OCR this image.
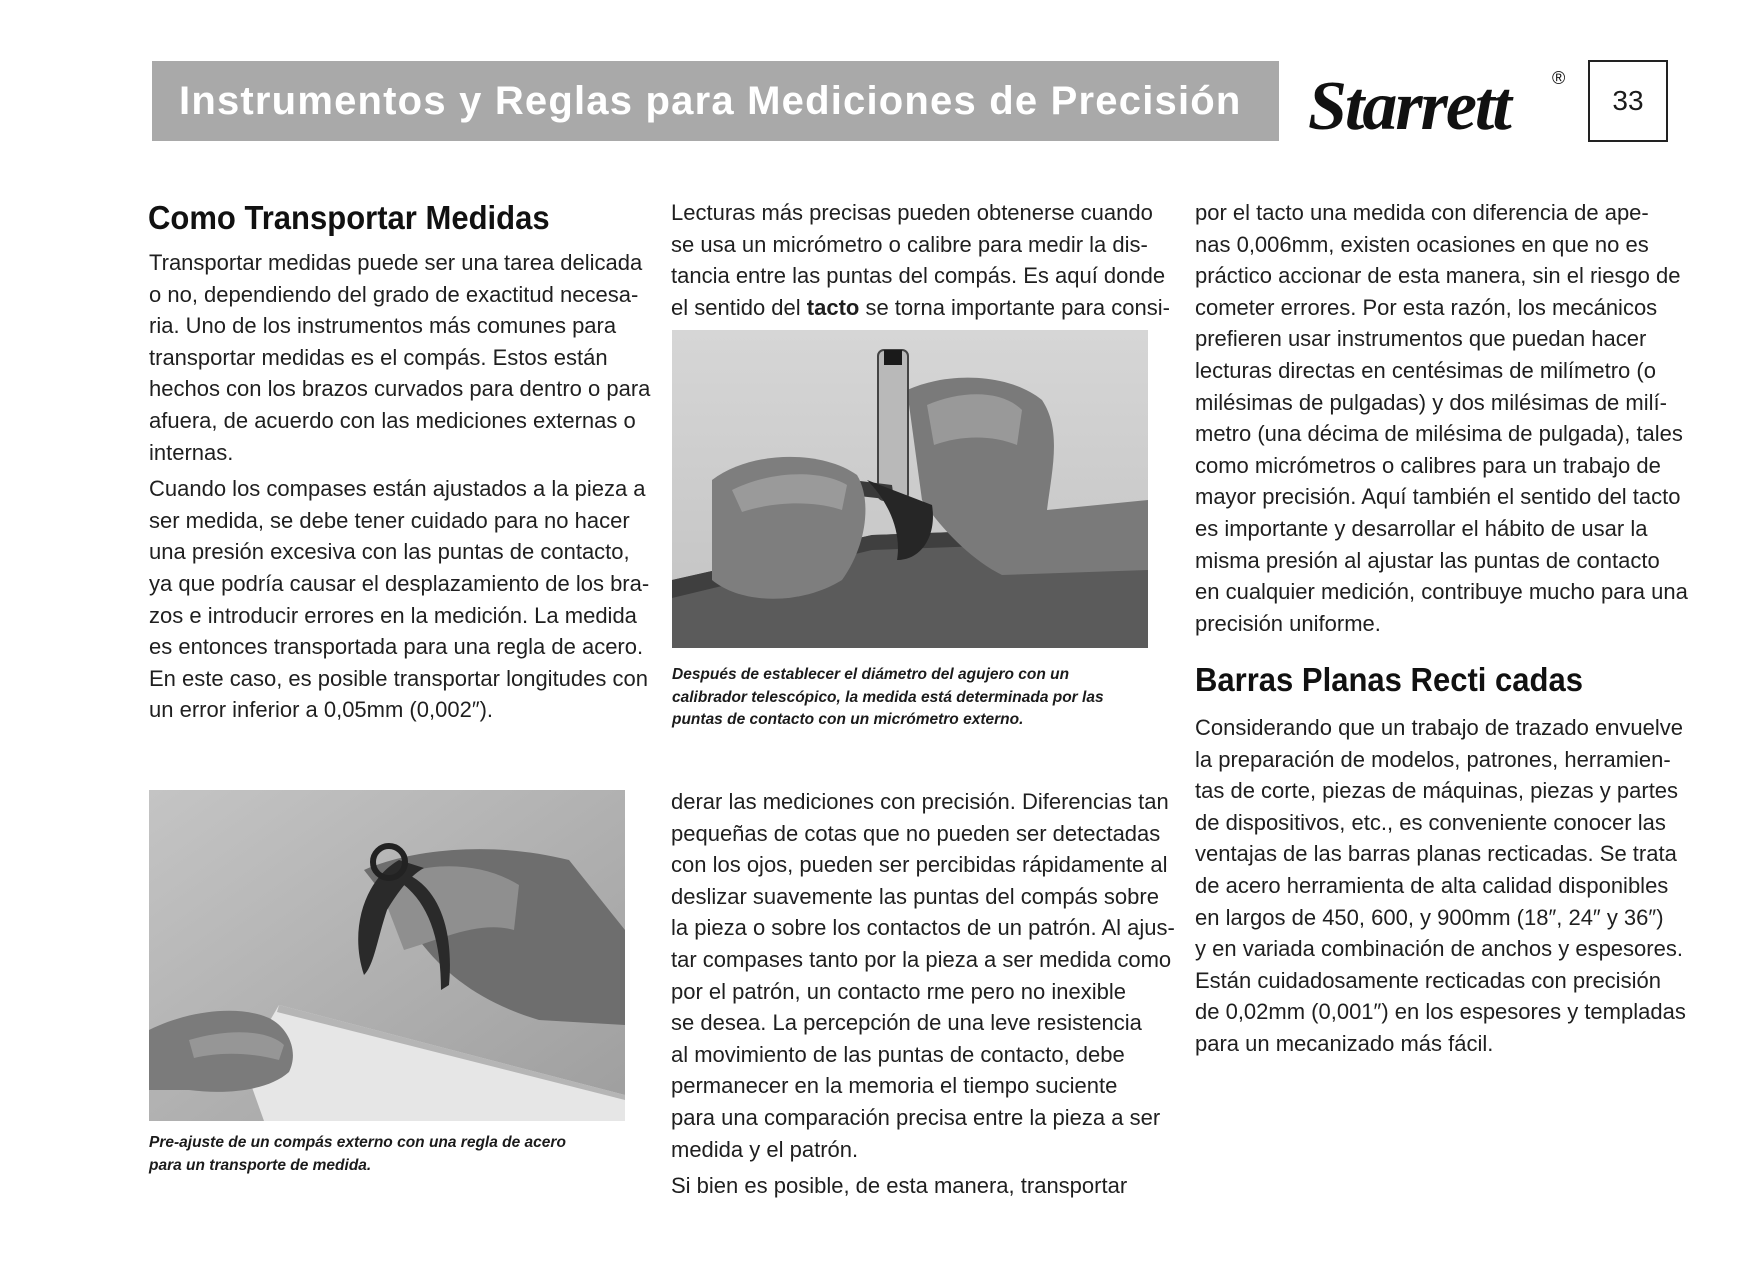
Instrumentos y Reglas para Mediciones de Precisión Starrett ®
33
Como Transportar Medidas
Transportar medidas puede ser una tarea delicada
o no, dependiendo del grado de exactitud necesa-
ria. Uno de los instrumentos más comunes para
transportar medidas es el compás. Estos están
hechos con los brazos curvados para dentro o para
afuera, de acuerdo con las mediciones externas o
internas.
Cuando los compases están ajustados a la pieza a
ser medida, se debe tener cuidado para no hacer
una presión excesiva con las puntas de contacto,
ya que podría causar el desplazamiento de los bra-
zos e introducir errores en la medición. La medida
es entonces transportada para una regla de acero.
En este caso, es posible transportar longitudes con
un error inferior a 0,05mm (0,002″).
Pre-ajuste de un compás externo con una regla de acero
para un transporte de medida.
Lecturas más precisas pueden obtenerse cuando
se usa un micrómetro o calibre para medir la dis-
tancia entre las puntas del compás. Es aquí donde
el sentido del tacto se torna importante para consi-
Después de establecer el diámetro del agujero con un
calibrador telescópico, la medida está determinada por las
puntas de contacto con un micrómetro externo.
derar las mediciones con precisión. Diferencias tan
pequeñas de cotas que no pueden ser detectadas
con los ojos, pueden ser percibidas rápidamente al
deslizar suavemente las puntas del compás sobre
la pieza o sobre los contactos de un patrón. Al ajus-
tar compases tanto por la pieza a ser medida como
por el patrón, un contacto rme pero no inexible
se desea. La percepción de una leve resistencia
al movimiento de las puntas de contacto, debe
permanecer en la memoria el tiempo suciente
para una comparación precisa entre la pieza a ser
medida y el patrón.
Si bien es posible, de esta manera, transportar
por el tacto una medida con diferencia de ape-
nas 0,006mm, existen ocasiones en que no es
práctico accionar de esta manera, sin el riesgo de
cometer errores. Por esta razón, los mecánicos
prefieren usar instrumentos que puedan hacer
lecturas directas en centésimas de milímetro (o
milésimas de pulgadas) y dos milésimas de milí-
metro (una décima de milésima de pulgada), tales
como micrómetros o calibres para un trabajo de
mayor precisión. Aquí también el sentido del tacto
es importante y desarrollar el hábito de usar la
misma presión al ajustar las puntas de contacto
en cualquier medición, contribuye mucho para una
precisión uniforme.
Barras Planas Recti cadas
Considerando que un trabajo de trazado envuelve
la preparación de modelos, patrones, herramien-
tas de corte, piezas de máquinas, piezas y partes
de dispositivos, etc., es conveniente conocer las
ventajas de las barras planas recticadas. Se trata
de acero herramienta de alta calidad disponibles
en largos de 450, 600, y 900mm (18″, 24″ y 36″)
y en variada combinación de anchos y espesores.
Están cuidadosamente recticadas con precisión
de 0,02mm (0,001″) en los espesores y templadas
para un mecanizado más fácil.
